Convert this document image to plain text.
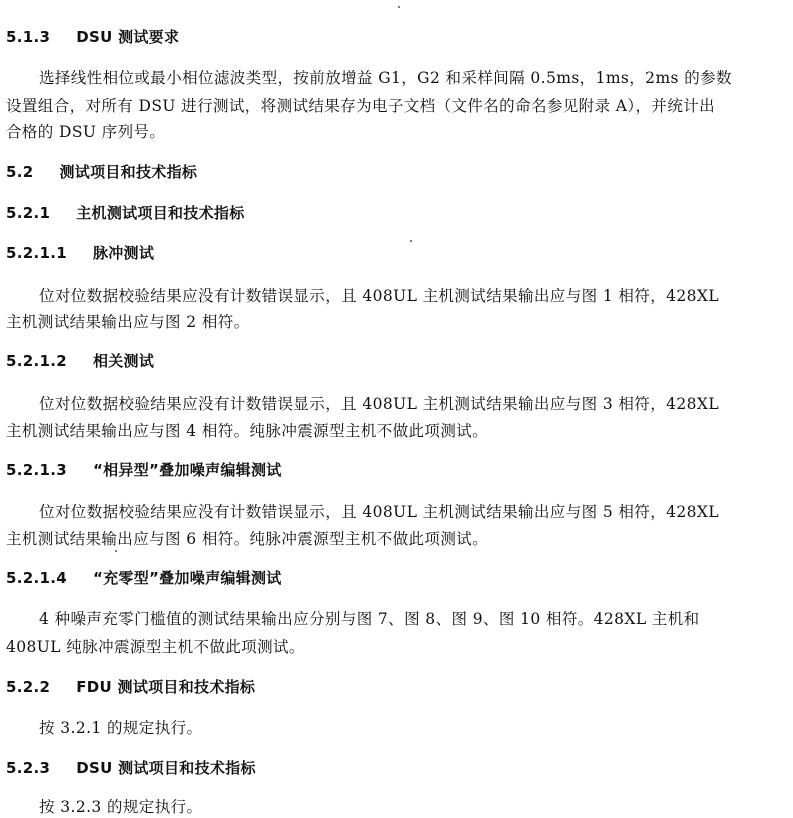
5.1.3 DSU 测试要求
选择线性相位或最小相位滤波类型，按前放增益 G1，G2 和采样间隔 0.5ms，1ms，2ms 的参数
设置组合，对所有 DSU 进行测试，将测试结果存为电子文档（文件名的命名参见附录 A），并统计出
合格的 DSU 序列号。
5.2 测试项目和技术指标
5.2.1 主机测试项目和技术指标
5.2.1.1 脉冲测试
位对位数据校验结果应没有计数错误显示，且 408UL 主机测试结果输出应与图 1 相符，428XL
主机测试结果输出应与图 2 相符。
5.2.1.2 相关测试
位对位数据校验结果应没有计数错误显示，且 408UL 主机测试结果输出应与图 3 相符，428XL
主机测试结果输出应与图 4 相符。纯脉冲震源型主机不做此项测试。
5.2.1.3 “相异型”叠加噪声编辑测试
位对位数据校验结果应没有计数错误显示，且 408UL 主机测试结果输出应与图 5 相符，428XL
主机测试结果输出应与图 6 相符。纯脉冲震源型主机不做此项测试。
5.2.1.4 “充零型”叠加噪声编辑测试
4 种噪声充零门槛值的测试结果输出应分别与图 7、图 8、图 9、图 10 相符。428XL 主机和
408UL 纯脉冲震源型主机不做此项测试。
5.2.2 FDU 测试项目和技术指标
按 3.2.1 的规定执行。
5.2.3 DSU 测试项目和技术指标
按 3.2.3 的规定执行。
